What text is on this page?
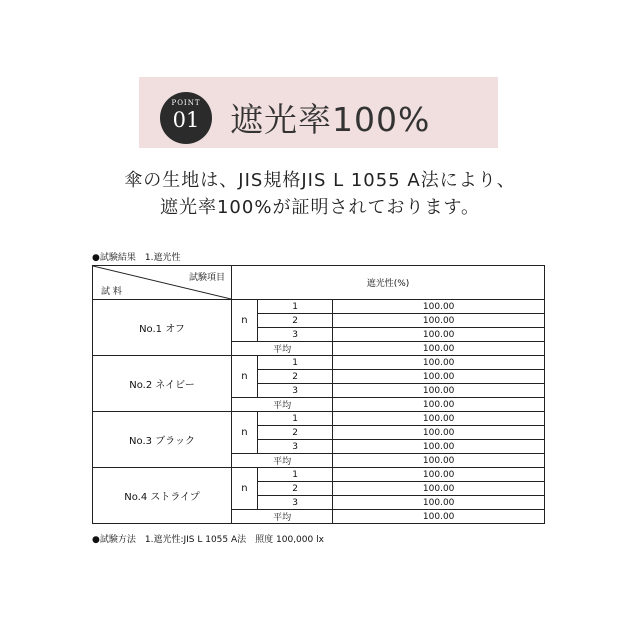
POINT
01 遮光率100%
傘の生地は、JIS規格JIS L 1055 A法により、
遮光率100%が証明されております。
●試験結果　1.遮光性
試験項目
試 料	遮光性(%)		
No.1 オフ	n	1	100.00
		2	100.00
		3	100.00
	平均		100.00
No.2 ネイビー	n	1	100.00
		2	100.00
		3	100.00
	平均		100.00
No.3 ブラック	n	1	100.00
		2	100.00
		3	100.00
	平均		100.00
No.4 ストライプ	n	1	100.00
		2	100.00
		3	100.00
	平均		100.00
●試験方法　1.遮光性:JIS L 1055 A法　照度 100,000 lx
